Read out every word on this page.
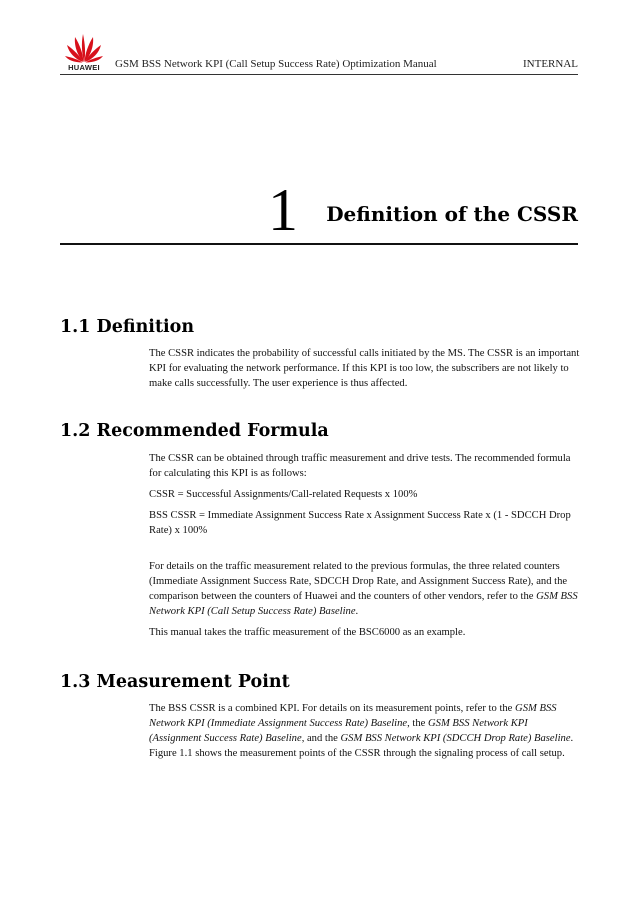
HUAWEI	GSM BSS Network KPI (Call Setup Success Rate) Optimization Manual	INTERNAL
1 Definition of the CSSR
1.1 Definition

The CSSR indicates the probability of successful calls initiated by the MS. The CSSR is an important KPI for evaluating the network performance. If this KPI is too low, the subscribers are not likely to make calls successfully. The user experience is thus affected.

1.2 Recommended Formula

The CSSR can be obtained through traffic measurement and drive tests. The recommended formula for calculating this KPI is as follows:

CSSR = Successful Assignments/Call-related Requests x 100%

BSS CSSR = Immediate Assignment Success Rate x Assignment Success Rate x (1 - SDCCH Drop Rate) x 100%

For details on the traffic measurement related to the previous formulas, the three related counters (Immediate Assignment Success Rate, SDCCH Drop Rate, and Assignment Success Rate), and the comparison between the counters of Huawei and the counters of other vendors, refer to the GSM BSS Network KPI (Call Setup Success Rate) Baseline.

This manual takes the traffic measurement of the BSC6000 as an example.

1.3 Measurement Point

The BSS CSSR is a combined KPI. For details on its measurement points, refer to the GSM BSS Network KPI (Immediate Assignment Success Rate) Baseline, the GSM BSS Network KPI (Assignment Success Rate) Baseline, and the GSM BSS Network KPI (SDCCH Drop Rate) Baseline. Figure 1.1 shows the measurement points of the CSSR through the signaling process of call setup.
